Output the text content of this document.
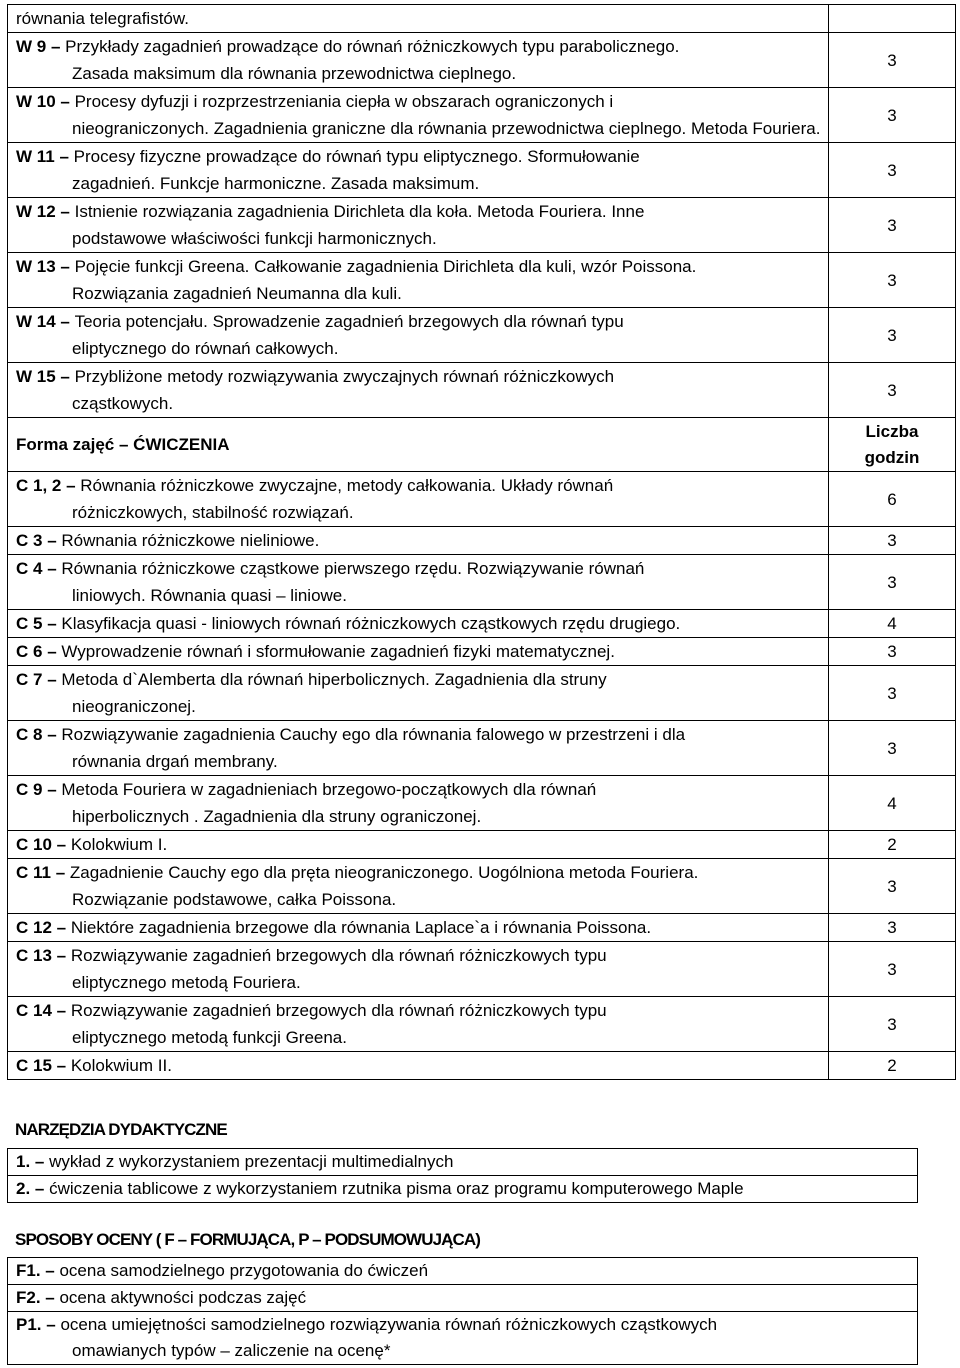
równania telegrafistów.	
W 9 – Przykłady zagadnień prowadzące do równań różniczkowych typu parabolicznego.
Zasada maksimum dla równania przewodnictwa cieplnego.	3
W 10 – Procesy dyfuzji i rozprzestrzeniania ciepła w obszarach ograniczonych i
nieograniczonych. Zagadnienia graniczne dla równania przewodnictwa cieplnego. Metoda Fouriera.	3
W 11 – Procesy fizyczne prowadzące do równań typu eliptycznego. Sformułowanie
zagadnień. Funkcje harmoniczne. Zasada maksimum.	3
W 12 – Istnienie rozwiązania zagadnienia Dirichleta dla koła. Metoda Fouriera. Inne
podstawowe właściwości funkcji harmonicznych.	3
W 13 – Pojęcie funkcji Greena. Całkowanie zagadnienia Dirichleta dla kuli, wzór Poissona.
Rozwiązania zagadnień Neumanna dla kuli.	3
W 14 – Teoria potencjału. Sprowadzenie zagadnień brzegowych dla równań typu
eliptycznego do równań całkowych.	3
W 15 – Przybliżone metody rozwiązywania zwyczajnych równań różniczkowych
cząstkowych.	3
Forma zajęć – ĆWICZENIA	Liczba
godzin
C 1, 2 – Równania różniczkowe zwyczajne, metody całkowania. Układy równań
różniczkowych, stabilność rozwiązań.	6
C 3 – Równania różniczkowe nieliniowe.	3
C 4 – Równania różniczkowe cząstkowe pierwszego rzędu. Rozwiązywanie równań
liniowych. Równania quasi – liniowe.	3
C 5 – Klasyfikacja quasi - liniowych równań różniczkowych cząstkowych rzędu drugiego.	4
C 6 – Wyprowadzenie równań i sformułowanie zagadnień fizyki matematycznej.	3
C 7 – Metoda d`Alemberta dla równań hiperbolicznych. Zagadnienia dla struny
nieograniczonej.	3
C 8 – Rozwiązywanie zagadnienia Cauchy ego dla równania falowego w przestrzeni i dla
równania drgań membrany.	3
C 9 – Metoda Fouriera w zagadnieniach brzegowo-początkowych dla równań
hiperbolicznych . Zagadnienia dla struny ograniczonej.	4
C 10 – Kolokwium I.	2
C 11 – Zagadnienie Cauchy ego dla pręta nieograniczonego. Uogólniona metoda Fouriera.
Rozwiązanie podstawowe, całka Poissona.	3
C 12 – Niektóre zagadnienia brzegowe dla równania Laplace`a i równania Poissona.	3
C 13 – Rozwiązywanie zagadnień brzegowych dla równań różniczkowych typu
eliptycznego metodą Fouriera.	3
C 14 – Rozwiązywanie zagadnień brzegowych dla równań różniczkowych typu
eliptycznego metodą funkcji Greena.	3
C 15 – Kolokwium II.	2
NARZĘDZIA DYDAKTYCZNE
1. – wykład z wykorzystaniem prezentacji multimedialnych
2. – ćwiczenia tablicowe z wykorzystaniem rzutnika pisma oraz programu komputerowego Maple
SPOSOBY OCENY ( F – FORMUJĄCA, P – PODSUMOWUJĄCA)
F1. – ocena samodzielnego przygotowania do ćwiczeń
F2. – ocena aktywności podczas zajęć
P1. – ocena umiejętności samodzielnego rozwiązywania równań różniczkowych cząstkowych
omawianych typów – zaliczenie na ocenę*
